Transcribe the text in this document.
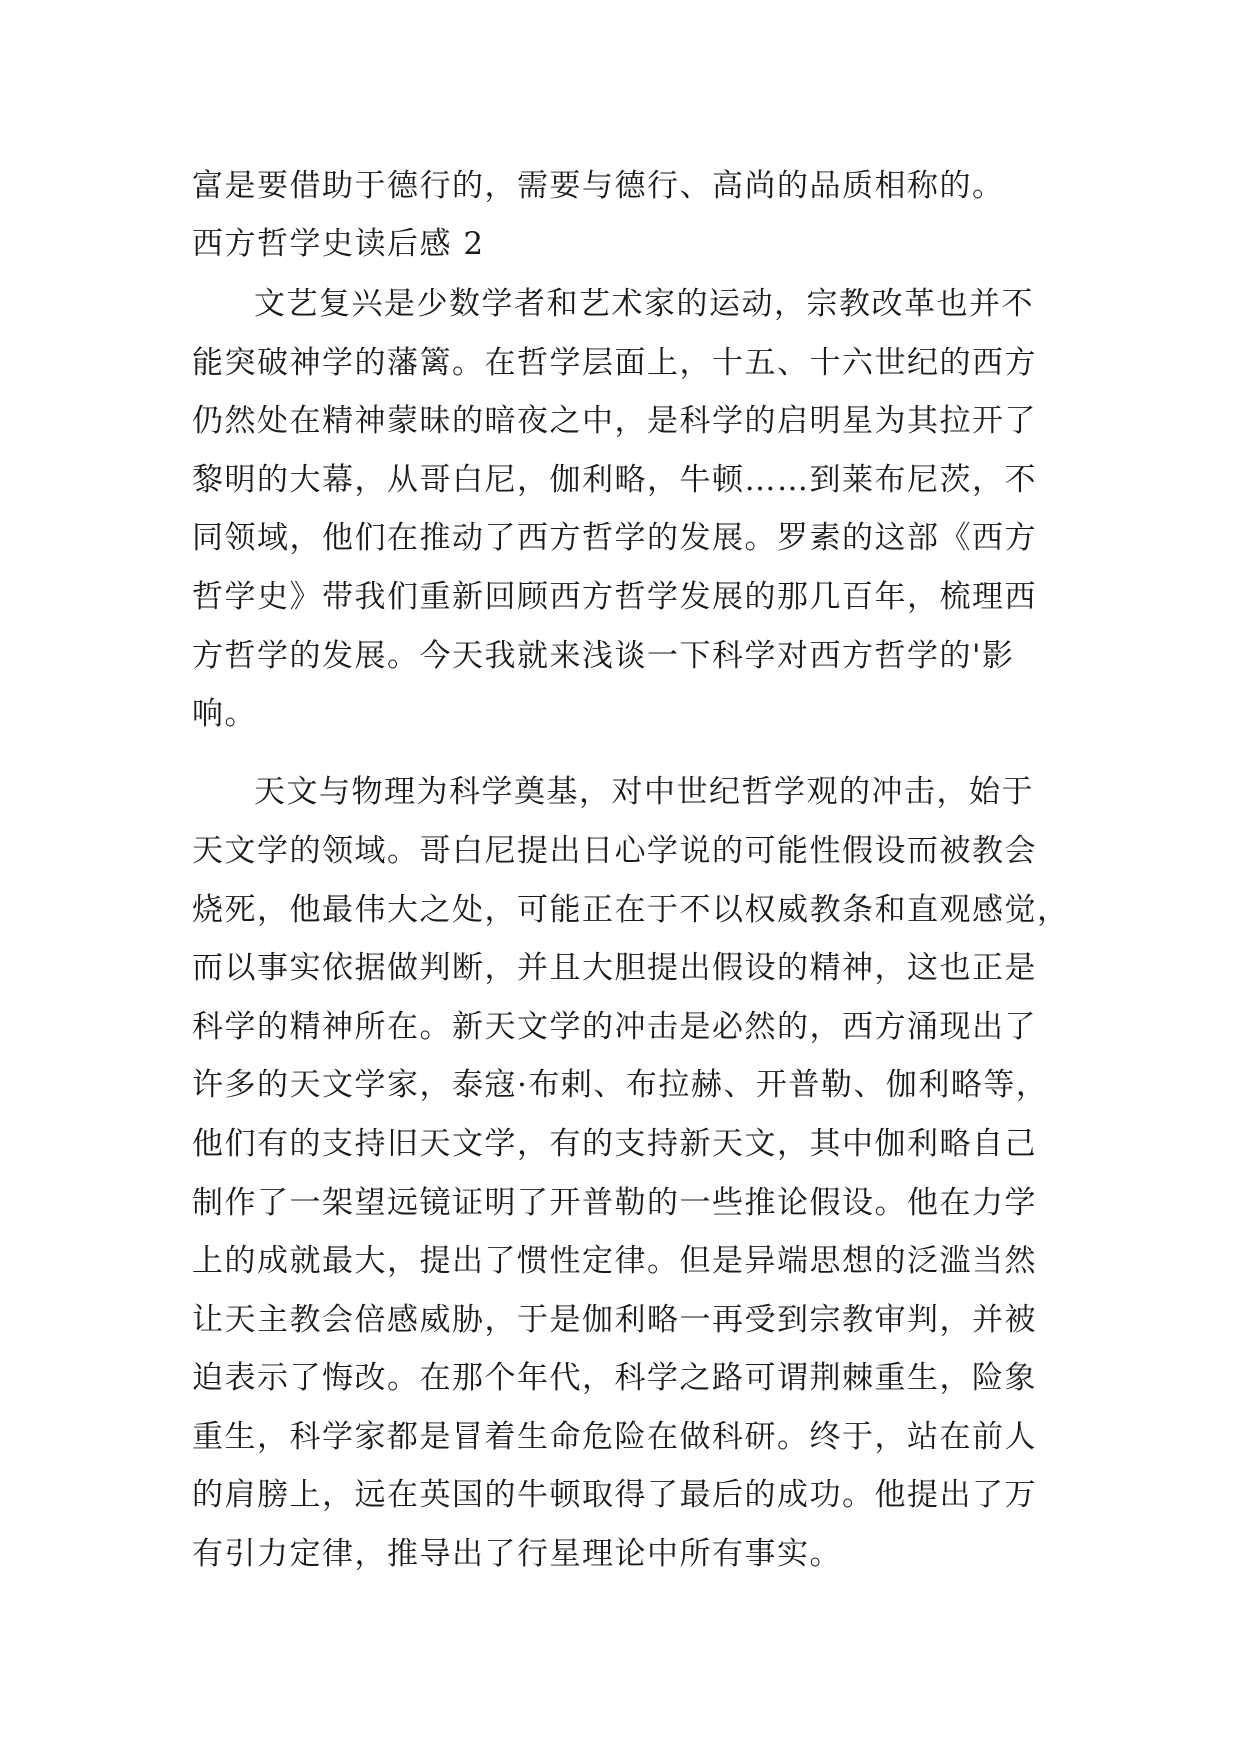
富是要借助于德行的，需要与德行、高尚的品质相称的。
西方哲学史读后感 2
文艺复兴是少数学者和艺术家的运动，宗教改革也并不
能突破神学的藩篱。在哲学层面上，十五、十六世纪的西方
仍然处在精神蒙昧的暗夜之中，是科学的启明星为其拉开了
黎明的大幕，从哥白尼，伽利略，牛顿……到莱布尼茨，不
同领域，他们在推动了西方哲学的发展。罗素的这部《西方
哲学史》带我们重新回顾西方哲学发展的那几百年，梳理西
方哲学的发展。今天我就来浅谈一下科学对西方哲学的'影
响。
天文与物理为科学奠基，对中世纪哲学观的冲击，始于
天文学的领域。哥白尼提出日心学说的可能性假设而被教会
烧死，他最伟大之处，可能正在于不以权威教条和直观感觉，
而以事实依据做判断，并且大胆提出假设的精神，这也正是
科学的精神所在。新天文学的冲击是必然的，西方涌现出了
许多的天文学家，泰寇·布剌、布拉赫、开普勒、伽利略等，
他们有的支持旧天文学，有的支持新天文，其中伽利略自己
制作了一架望远镜证明了开普勒的一些推论假设。他在力学
上的成就最大，提出了惯性定律。但是异端思想的泛滥当然
让天主教会倍感威胁，于是伽利略一再受到宗教审判，并被
迫表示了悔改。在那个年代，科学之路可谓荆棘重生，险象
重生，科学家都是冒着生命危险在做科研。终于，站在前人
的肩膀上，远在英国的牛顿取得了最后的成功。他提出了万
有引力定律，推导出了行星理论中所有事实。
